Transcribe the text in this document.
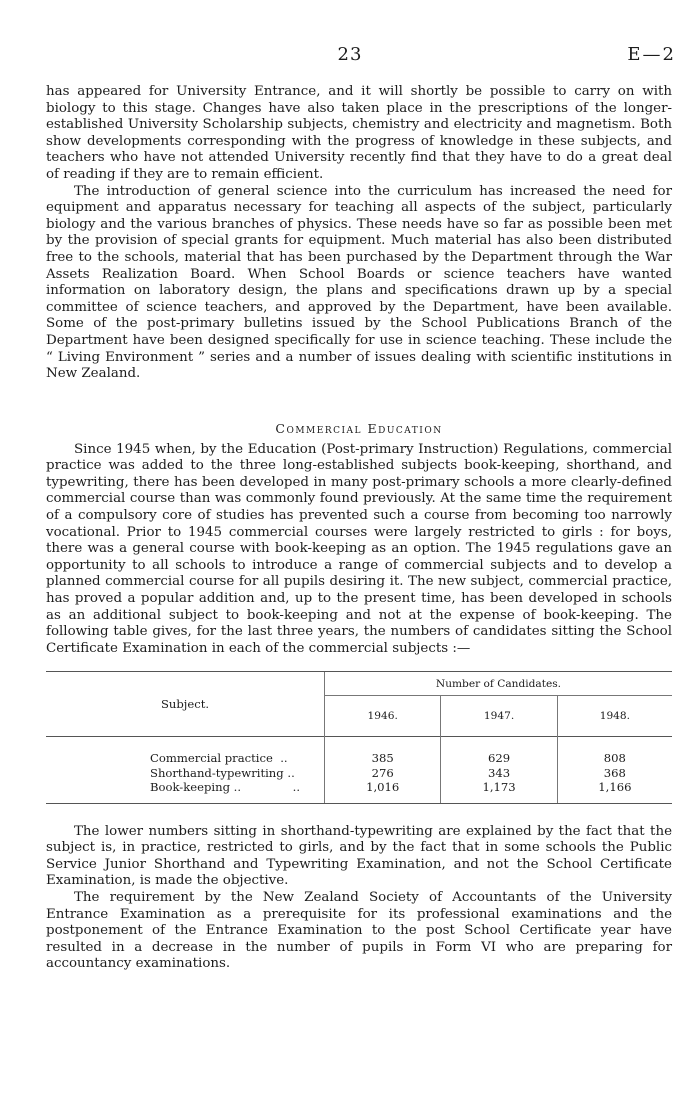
23	E—2

has appeared for University Entrance, and it will shortly be possible to carry on with biology to this stage. Changes have also taken place in the prescriptions of the longer-established University Scholarship subjects, chemistry and electricity and magnetism. Both show developments corresponding with the progress of knowledge in these subjects, and teachers who have not attended University recently find that they have to do a great deal of reading if they are to remain efficient.

The introduction of general science into the curriculum has increased the need for equipment and apparatus necessary for teaching all aspects of the subject, particularly biology and the various branches of physics. These needs have so far as possible been met by the provision of special grants for equipment. Much material has also been distributed free to the schools, material that has been purchased by the Department through the War Assets Realization Board. When School Boards or science teachers have wanted information on laboratory design, the plans and specifications drawn up by a special committee of science teachers, and approved by the Department, have been available. Some of the post-primary bulletins issued by the School Publications Branch of the Department have been designed specifically for use in science teaching. These include the “ Living Environment ” series and a number of issues dealing with scientific institutions in New Zealand.

Commercial Education

Since 1945 when, by the Education (Post-primary Instruction) Regulations, commercial practice was added to the three long-established subjects book-keeping, shorthand, and typewriting, there has been developed in many post-primary schools a more clearly-defined commercial course than was commonly found previously. At the same time the requirement of a compulsory core of studies has prevented such a course from becoming too narrowly vocational. Prior to 1945 commercial courses were largely restricted to girls : for boys, there was a general course with book-keeping as an option. The 1945 regulations gave an opportunity to all schools to introduce a range of commercial subjects and to develop a planned commercial course for all pupils desiring it. The new subject, commercial practice, has proved a popular addition and, up to the present time, has been developed in schools as an additional subject to book-keeping and not at the expense of book-keeping. The following table gives, for the last three years, the numbers of candidates sitting the School Certificate Examination in each of the commercial subjects :—

Subject.	Number of Candidates.		
	1946.	1947.	1948.

Commercial practice ..	385	629	808
Shorthand-typewriting ..	276	343	368
Book-keeping .. ..	1,016	1,173	1,166

The lower numbers sitting in shorthand-typewriting are explained by the fact that the subject is, in practice, restricted to girls, and by the fact that in some schools the Public Service Junior Shorthand and Typewriting Examination, and not the School Certificate Examination, is made the objective.

The requirement by the New Zealand Society of Accountants of the University Entrance Examination as a prerequisite for its professional examinations and the postponement of the Entrance Examination to the post School Certificate year have resulted in a decrease in the number of pupils in Form VI who are preparing for accountancy examinations.
